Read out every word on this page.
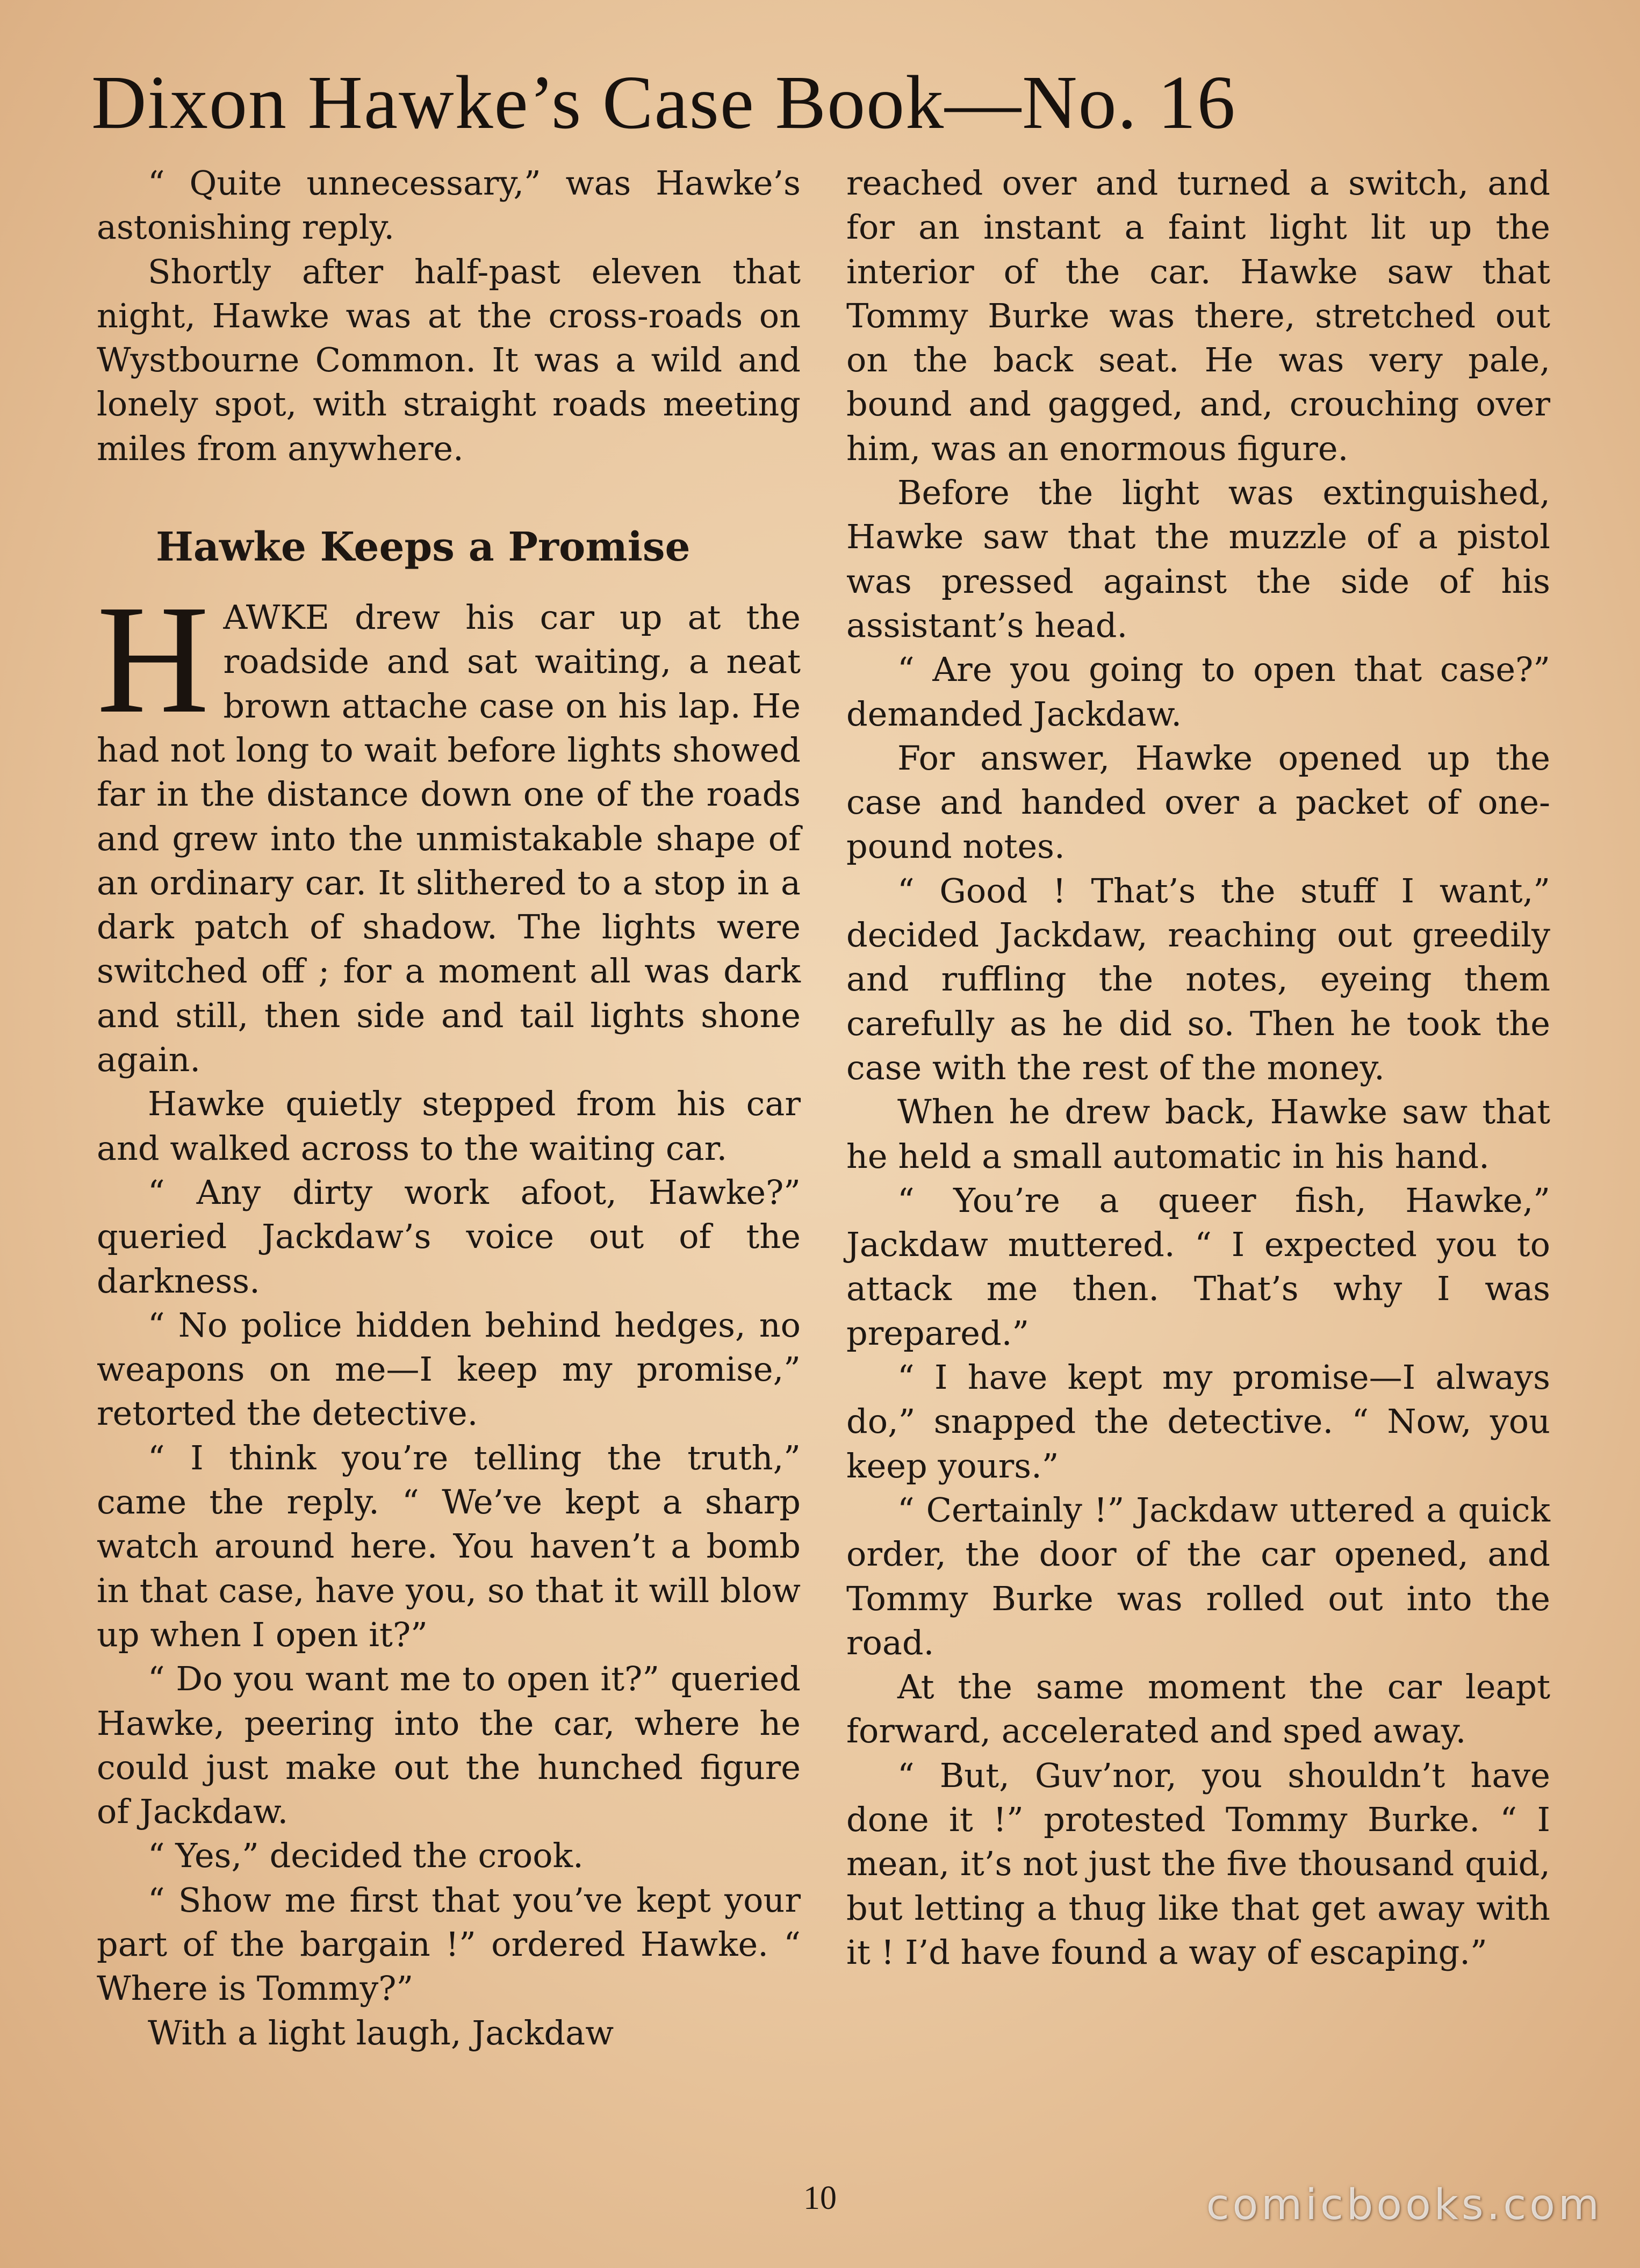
Dixon Hawke’s Case Book—No. 16

“ Quite unnecessary,” was Hawke’s astonishing reply.

Shortly after half-past eleven that night, Hawke was at the cross-roads on Wystbourne Common. It was a wild and lonely spot, with straight roads meeting miles from anywhere.

Hawke Keeps a Promise

HAWKE drew his car up at the roadside and sat waiting, a neat brown attache case on his lap. He had not long to wait before lights showed far in the distance down one of the roads and grew into the unmistakable shape of an ordinary car. It slithered to a stop in a dark patch of shadow. The lights were switched off ; for a moment all was dark and still, then side and tail lights shone again.

Hawke quietly stepped from his car and walked across to the waiting car.

“ Any dirty work afoot, Hawke?” queried Jackdaw’s voice out of the darkness.

“ No police hidden behind hedges, no weapons on me—I keep my promise,” retorted the detective.

“ I think you’re telling the truth,” came the reply. “ We’ve kept a sharp watch around here. You haven’t a bomb in that case, have you, so that it will blow up when I open it?”

“ Do you want me to open it?” queried Hawke, peering into the car, where he could just make out the hunched figure of Jackdaw.

“ Yes,” decided the crook.

“ Show me first that you’ve kept your part of the bargain !” ordered Hawke. “ Where is Tommy?”

With a light laugh, Jackdaw

reached over and turned a switch, and for an instant a faint light lit up the interior of the car. Hawke saw that Tommy Burke was there, stretched out on the back seat. He was very pale, bound and gagged, and, crouching over him, was an enormous figure.

Before the light was extinguished, Hawke saw that the muzzle of a pistol was pressed against the side of his assistant’s head.

“ Are you going to open that case?” demanded Jackdaw.

For answer, Hawke opened up the case and handed over a packet of one-pound notes.

“ Good ! That’s the stuff I want,” decided Jackdaw, reaching out greedily and ruffling the notes, eyeing them carefully as he did so. Then he took the case with the rest of the money.

When he drew back, Hawke saw that he held a small automatic in his hand.

“ You’re a queer fish, Hawke,” Jackdaw muttered. “ I expected you to attack me then. That’s why I was prepared.”

“ I have kept my promise—I always do,” snapped the detective. “ Now, you keep yours.”

“ Certainly !” Jackdaw uttered a quick order, the door of the car opened, and Tommy Burke was rolled out into the road.

At the same moment the car leapt forward, accelerated and sped away.

“ But, Guv’nor, you shouldn’t have done it !” protested Tommy Burke. “ I mean, it’s not just the five thousand quid, but letting a thug like that get away with it ! I’d have found a way of escaping.”

10	comicbooks.com
